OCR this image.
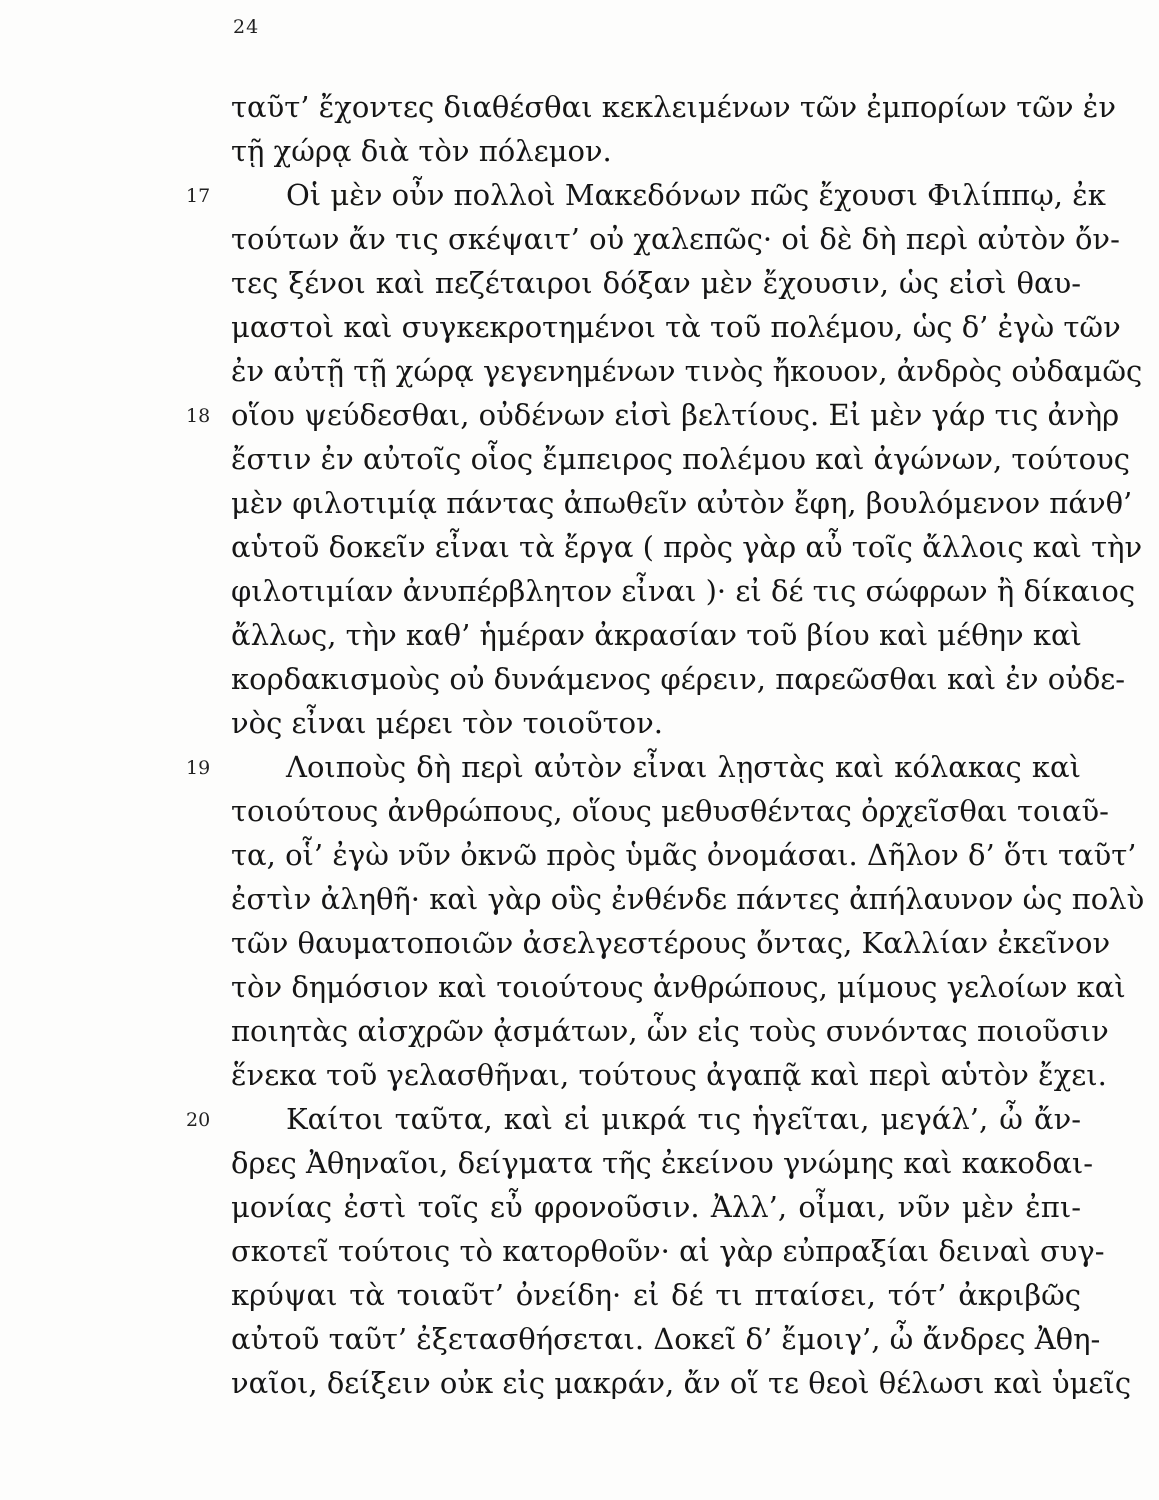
24
ταῦτ’ ἔχοντες διαθέσθαι κεκλειμένων τῶν ἐμπορίων τῶν ἐν
τῇ χώρᾳ διὰ τὸν πόλεμον.
17	Οἱ μὲν οὖν πολλοὶ Μακεδόνων πῶς ἔχουσι Φιλίππῳ, ἐκ
τούτων ἄν τις σκέψαιτ’ οὐ χαλεπῶς· οἱ δὲ δὴ περὶ αὐτὸν ὄν-
τες ξένοι καὶ πεζέταιροι δόξαν μὲν ἔχουσιν, ὡς εἰσὶ θαυ-
μαστοὶ καὶ συγκεκροτημένοι τὰ τοῦ πολέμου, ὡς δ’ ἐγὼ τῶν
ἐν αὐτῇ τῇ χώρᾳ γεγενημένων τινὸς ἤκουον, ἀνδρὸς οὐδαμῶς
18 οἵου ψεύδεσθαι, οὐδένων εἰσὶ βελτίους. Εἰ μὲν γάρ τις ἀνὴρ
ἔστιν ἐν αὐτοῖς οἷος ἔμπειρος πολέμου καὶ ἀγώνων, τούτους
μὲν φιλοτιμίᾳ πάντας ἀπωθεῖν αὐτὸν ἔφη, βουλόμενον πάνθ’
αὑτοῦ δοκεῖν εἶναι τὰ ἔργα ( πρὸς γὰρ αὖ τοῖς ἄλλοις καὶ τὴν
φιλοτιμίαν ἀνυπέρβλητον εἶναι )· εἰ δέ τις σώφρων ἢ δίκαιος
ἄλλως, τὴν καθ’ ἡμέραν ἀκρασίαν τοῦ βίου καὶ μέθην καὶ
κορδακισμοὺς οὐ δυνάμενος φέρειν, παρεῶσθαι καὶ ἐν οὐδε-
νὸς εἶναι μέρει τὸν τοιοῦτον.
19	Λοιποὺς δὴ περὶ αὐτὸν εἶναι λῃστὰς καὶ κόλακας καὶ
τοιούτους ἀνθρώπους, οἵους μεθυσθέντας ὀρχεῖσθαι τοιαῦ-
τα, οἷ’ ἐγὼ νῦν ὀκνῶ πρὸς ὑμᾶς ὀνομάσαι. Δῆλον δ’ ὅτι ταῦτ’
ἐστὶν ἀληθῆ· καὶ γὰρ οὓς ἐνθένδε πάντες ἀπήλαυνον ὡς πολὺ
τῶν θαυματοποιῶν ἀσελγεστέρους ὄντας, Καλλίαν ἐκεῖνον
τὸν δημόσιον καὶ τοιούτους ἀνθρώπους, μίμους γελοίων καὶ
ποιητὰς αἰσχρῶν ᾀσμάτων, ὧν εἰς τοὺς συνόντας ποιοῦσιν
ἕνεκα τοῦ γελασθῆναι, τούτους ἀγαπᾷ καὶ περὶ αὑτὸν ἔχει.
20	Καίτοι ταῦτα, καὶ εἰ μικρά τις ἡγεῖται, μεγάλ’, ὦ ἄν-
δρες Ἀθηναῖοι, δείγματα τῆς ἐκείνου γνώμης καὶ κακοδαι-
μονίας ἐστὶ τοῖς εὖ φρονοῦσιν. Ἀλλ’, οἶμαι, νῦν μὲν ἐπι-
σκοτεῖ τούτοις τὸ κατορθοῦν· αἱ γὰρ εὐπραξίαι δειναὶ συγ-
κρύψαι τὰ τοιαῦτ’ ὀνείδη· εἰ δέ τι πταίσει, τότ’ ἀκριβῶς
αὐτοῦ ταῦτ’ ἐξετασθήσεται. Δοκεῖ δ’ ἔμοιγ’, ὦ ἄνδρες Ἀθη-
ναῖοι, δείξειν οὐκ εἰς μακράν, ἄν οἵ τε θεοὶ θέλωσι καὶ ὑμεῖς
